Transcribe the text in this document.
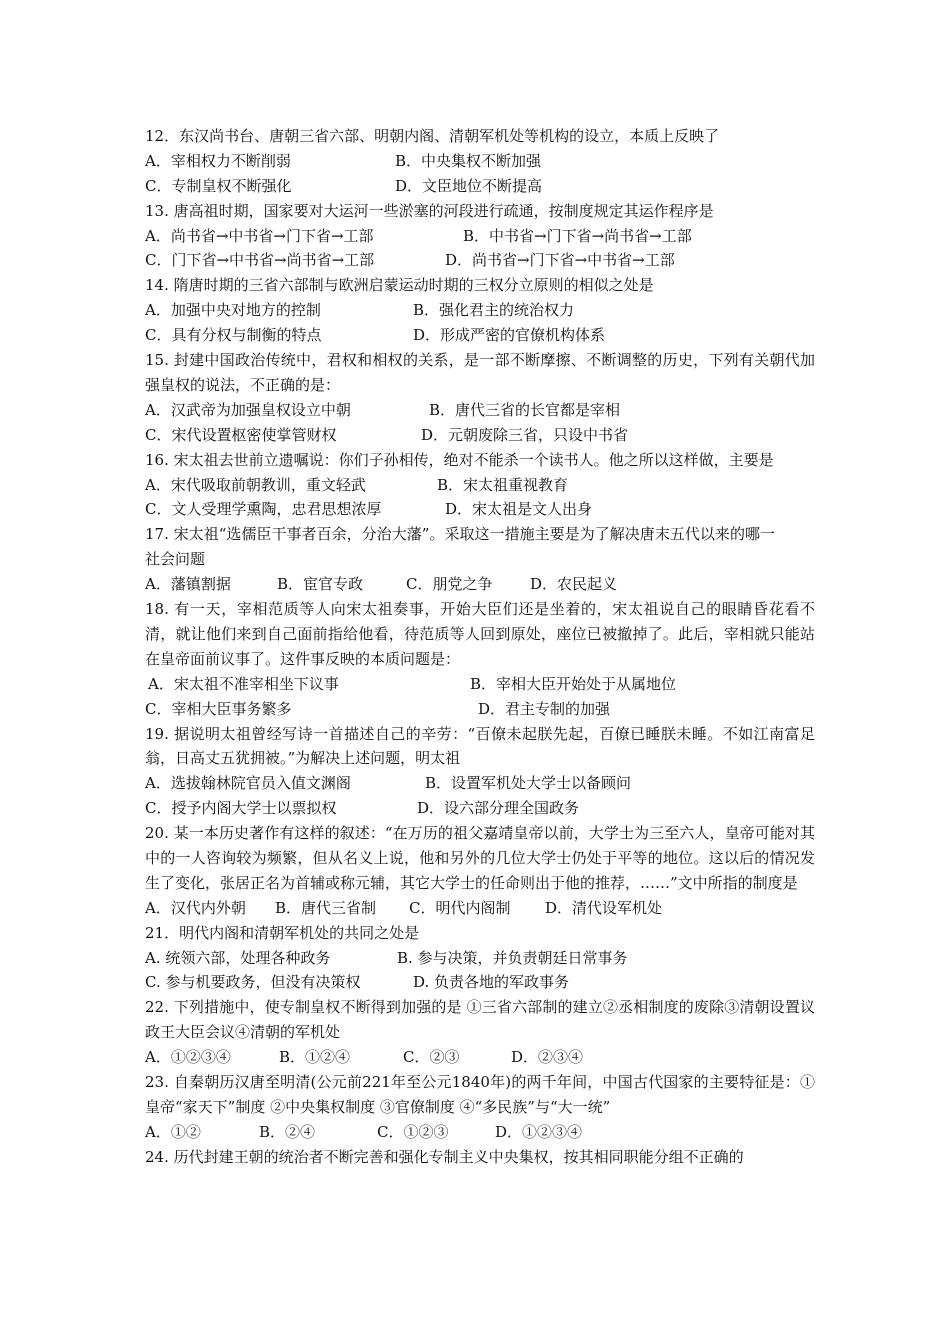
12．东汉尚书台、唐朝三省六部、明朝内阁、清朝军机处等机构的设立，本质上反映了
A．宰相权力不断削弱	B．中央集权不断加强
C．专制皇权不断强化	D．文臣地位不断提高
13. 唐高祖时期，国家要对大运河一些淤塞的河段进行疏通，按制度规定其运作程序是
A．尚书省→中书省→门下省→工部	B．中书省→门下省→尚书省→工部
C．门下省→中书省→尚书省→工部	D．尚书省→门下省→中书省→工部
14. 隋唐时期的三省六部制与欧洲启蒙运动时期的三权分立原则的相似之处是
A．加强中央对地方的控制	B．强化君主的统治权力
C．具有分权与制衡的特点	D．形成严密的官僚机构体系
15. 封建中国政治传统中，君权和相权的关系，是一部不断摩擦、不断调整的历史，下列有关朝代加强皇权的说法，不正确的是：
A．汉武帝为加强皇权设立中朝	B．唐代三省的长官都是宰相
C．宋代设置枢密使掌管财权	D．元朝废除三省，只设中书省
16. 宋太祖去世前立遗嘱说：你们子孙相传，绝对不能杀一个读书人。他之所以这样做，主要是
A．宋代吸取前朝教训，重文轻武	B．宋太祖重视教育
C．文人受理学熏陶，忠君思想浓厚	D．宋太祖是文人出身
17. 宋太祖“选儒臣干事者百余，分治大藩”。采取这一措施主要是为了解决唐末五代以来的哪一社会问题
A．藩镇割据	B．宦官专政	C．朋党之争	D．农民起义
18. 有一天，宰相范质等人向宋太祖奏事，开始大臣们还是坐着的，宋太祖说自己的眼睛昏花看不清，就让他们来到自己面前指给他看，待范质等人回到原处，座位已被撤掉了。此后，宰相就只能站在皇帝面前议事了。这件事反映的本质问题是：
A．宋太祖不准宰相坐下议事	B．宰相大臣开始处于从属地位
C．宰相大臣事务繁多	D．君主专制的加强
19. 据说明太祖曾经写诗一首描述自己的辛劳：“百僚未起朕先起，百僚已睡朕未睡。不如江南富足翁，日高丈五犹拥被。”为解决上述问题，明太祖
A．选拔翰林院官员入值文渊阁	B．设置军机处大学士以备顾问
C．授予内阁大学士以票拟权	D．设六部分理全国政务
20. 某一本历史著作有这样的叙述：“在万历的祖父嘉靖皇帝以前，大学士为三至六人，皇帝可能对其中的一人咨询较为频繁，但从名义上说，他和另外的几位大学士仍处于平等的地位。这以后的情况发生了变化，张居正名为首辅或称元辅，其它大学士的任命则出于他的推荐，……”文中所指的制度是
A．汉代内外朝	B．唐代三省制	C．明代内阁制	D．清代设军机处
21．明代内阁和清朝军机处的共同之处是
A. 统领六部，处理各种政务	B. 参与决策，并负责朝廷日常事务
C. 参与机要政务，但没有决策权	D. 负责各地的军政事务
22. 下列措施中，使专制皇权不断得到加强的是 ①三省六部制的建立②丞相制度的废除③清朝设置议政王大臣会议④清朝的军机处
A．①②③④	B．①②④	C．②③	D．②③④
23. 自秦朝历汉唐至明清(公元前221年至公元1840年)的两千年间，中国古代国家的主要特征是：①皇帝“家天下”制度 ②中央集权制度 ③官僚制度 ④“多民族”与“大一统”
A．①②	B．②④	C．①②③	D．①②③④
24. 历代封建王朝的统治者不断完善和强化专制主义中央集权，按其相同职能分组不正确的
